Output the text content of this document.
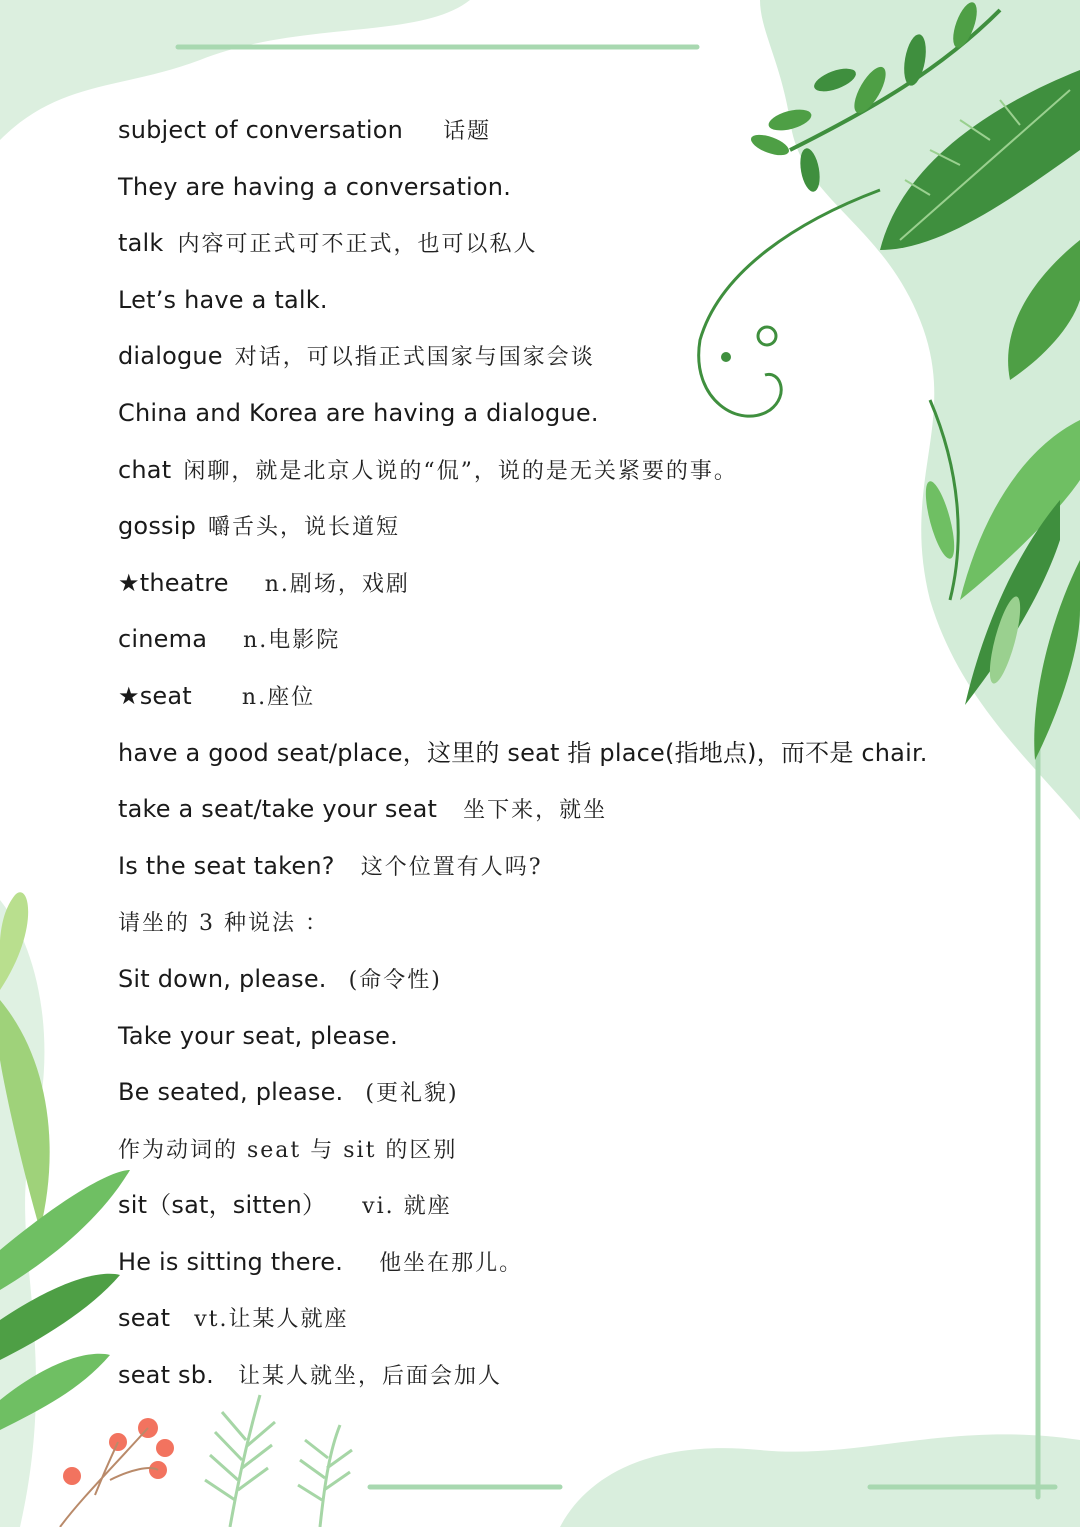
subject of conversation 话题
They are having a conversation.
talk 内容可正式可不正式，也可以私人
Let’s have a talk.
dialogue 对话，可以指正式国家与国家会谈
China and Korea are having a dialogue.
chat 闲聊，就是北京人说的“侃”，说的是无关紧要的事。
gossip 嚼舌头，说长道短
★theatre n.剧场，戏剧
cinema n.电影院
★seat n.座位
have a good seat/place，这里的 seat 指 place(指地点)，而不是 chair.
take a seat/take your seat 坐下来，就坐
Is the seat taken? 这个位置有人吗?
请坐的 3 种说法 ：
Sit down, please. (命令性)
Take your seat, please.
Be seated, please. (更礼貌)
作为动词的 seat 与 sit 的区别
sit（sat，sitten） vi. 就座
He is sitting there. 他坐在那儿。
seat vt.让某人就座
seat sb. 让某人就坐，后面会加人
